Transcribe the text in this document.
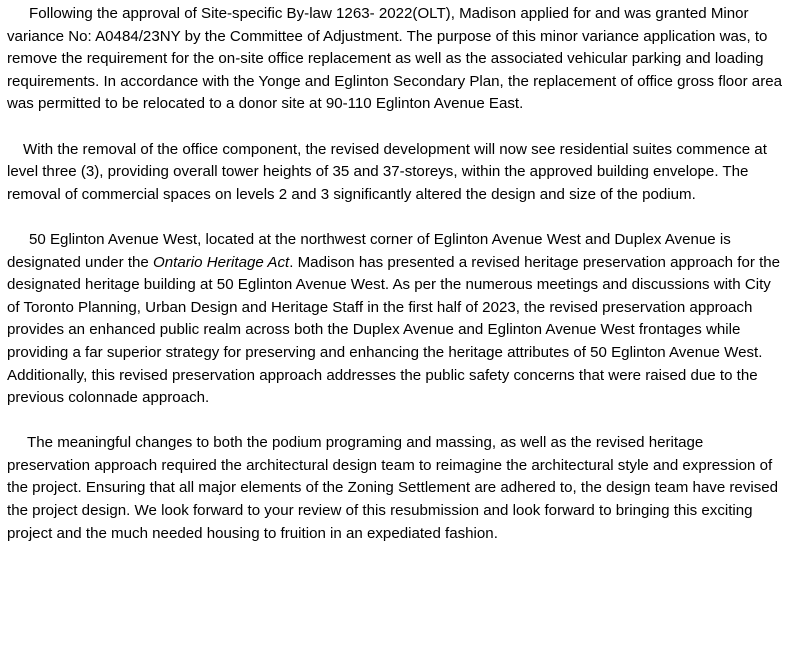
Following the approval of Site-specific By-law 1263- 2022(OLT), Madison applied for and was granted Minor variance No: A0484/23NY by the Committee of Adjustment. The purpose of this minor variance application was, to remove the requirement for the on-site office replacement as well as the associated vehicular parking and loading requirements. In accordance with the Yonge and Eglinton Secondary Plan, the replacement of office gross floor area was permitted to be relocated to a donor site at 90-110 Eglinton Avenue East.

With the removal of the office component, the revised development will now see residential suites commence at level three (3), providing overall tower heights of 35 and 37-storeys, within the approved building envelope. The removal of commercial spaces on levels 2 and 3 significantly altered the design and size of the podium.

50 Eglinton Avenue West, located at the northwest corner of Eglinton Avenue West and Duplex Avenue is designated under the Ontario Heritage Act. Madison has presented a revised heritage preservation approach for the designated heritage building at 50 Eglinton Avenue West. As per the numerous meetings and discussions with City of Toronto Planning, Urban Design and Heritage Staff in the first half of 2023, the revised preservation approach provides an enhanced public realm across both the Duplex Avenue and Eglinton Avenue West frontages while providing a far superior strategy for preserving and enhancing the heritage attributes of 50 Eglinton Avenue West. Additionally, this revised preservation approach addresses the public safety concerns that were raised due to the previous colonnade approach.

The meaningful changes to both the podium programing and massing, as well as the revised heritage preservation approach required the architectural design team to reimagine the architectural style and expression of the project. Ensuring that all major elements of the Zoning Settlement are adhered to, the design team have revised the project design. We look forward to your review of this resubmission and look forward to bringing this exciting project and the much needed housing to fruition in an expediated fashion.
